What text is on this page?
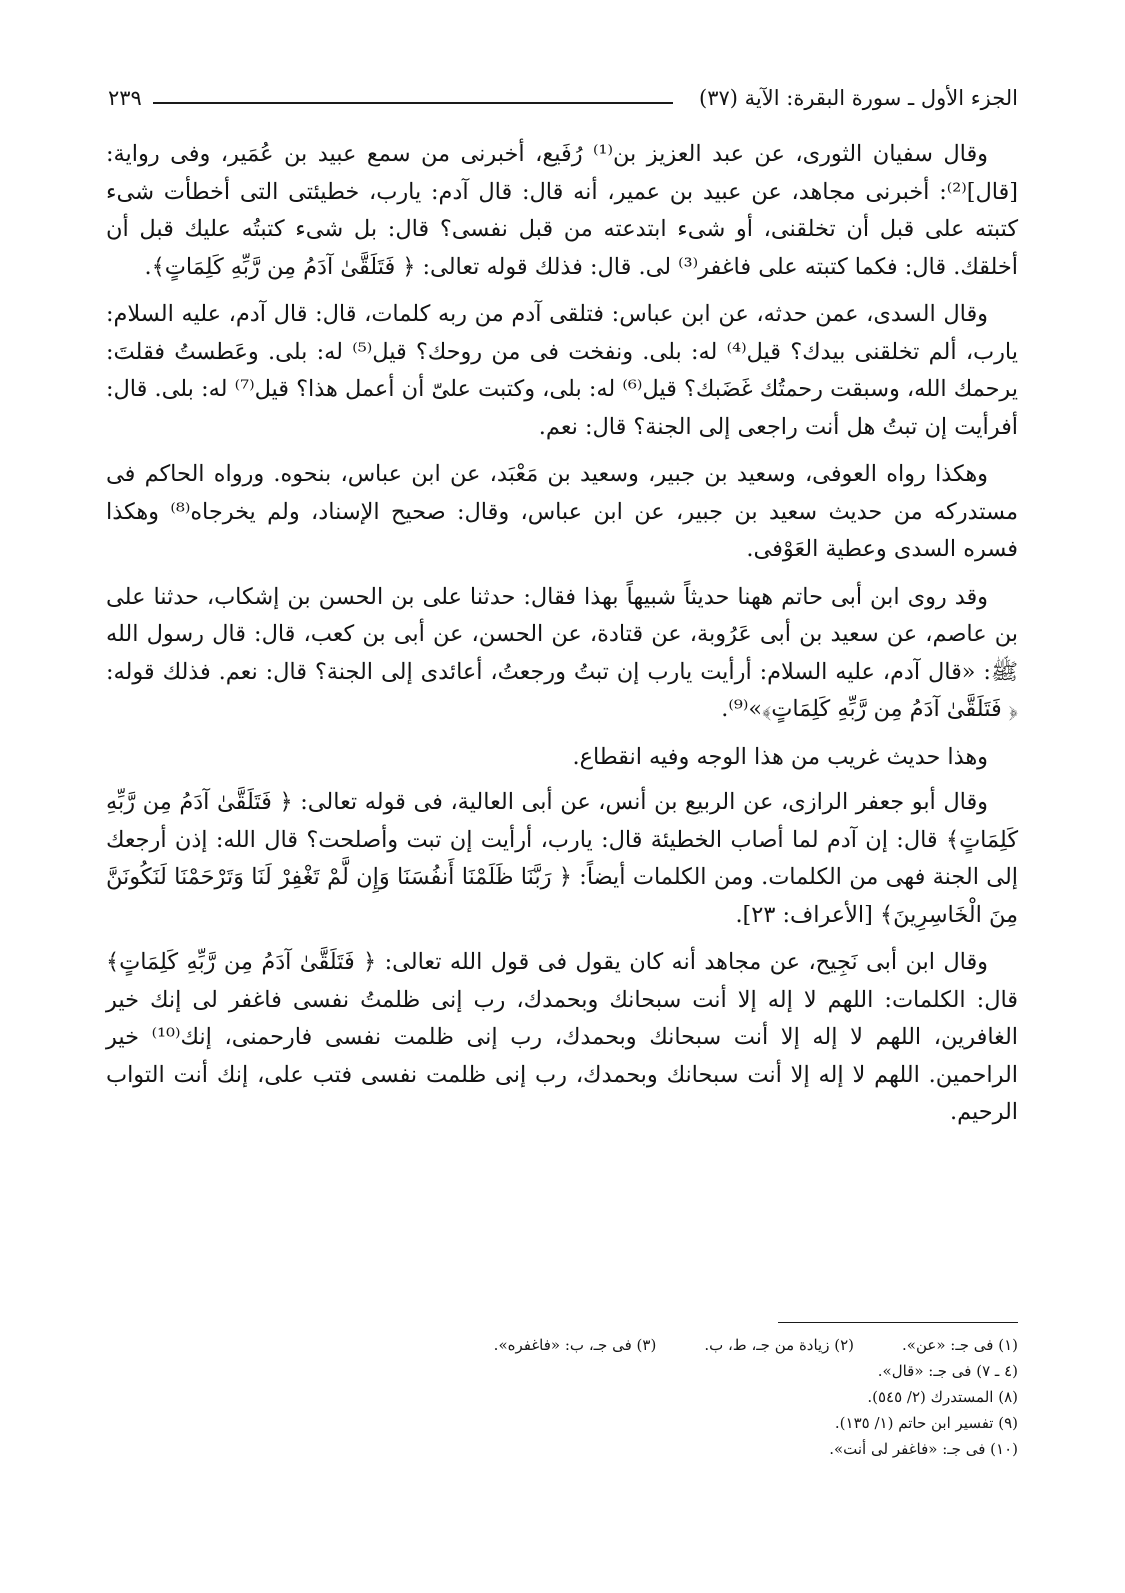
الجزء الأول ـ سورة البقرة: الآية (٣٧)
٢٣٩

وقال سفيان الثورى، عن عبد العزيز بن⁽¹⁾ رُفَيع، أخبرنى من سمع عبيد بن عُمَير، وفى رواية: [قال]⁽²⁾: أخبرنى مجاهد، عن عبيد بن عمير، أنه قال: قال آدم: يارب، خطيئتى التى أخطأت شىء كتبته على قبل أن تخلقنى، أو شىء ابتدعته من قبل نفسى؟ قال: بل شىء كتبتُه عليك قبل أن أخلقك. قال: فكما كتبته على فاغفر⁽³⁾ لى. قال: فذلك قوله تعالى: ﴿ فَتَلَقَّىٰ آدَمُ مِن رَّبِّهِ كَلِمَاتٍ﴾.

وقال السدى، عمن حدثه، عن ابن عباس: فتلقى آدم من ربه كلمات، قال: قال آدم، عليه السلام: يارب، ألم تخلقنى بيدك؟ قيل⁽⁴⁾ له: بلى. ونفخت فى من روحك؟ قيل⁽⁵⁾ له: بلى. وعَطستُ فقلتَ: يرحمك الله، وسبقت رحمتُك غَضَبك؟ قيل⁽⁶⁾ له: بلى، وكتبت علىّ أن أعمل هذا؟ قيل⁽⁷⁾ له: بلى. قال: أفرأيت إن تبتُ هل أنت راجعى إلى الجنة؟ قال: نعم.

وهكذا رواه العوفى، وسعيد بن جبير، وسعيد بن مَعْبَد، عن ابن عباس، بنحوه. ورواه الحاكم فى مستدركه من حديث سعيد بن جبير، عن ابن عباس، وقال: صحيح الإسناد، ولم يخرجاه⁽⁸⁾ وهكذا فسره السدى وعطية العَوْفى.

وقد روى ابن أبى حاتم ههنا حديثاً شبيهاً بهذا فقال: حدثنا على بن الحسن بن إشكاب، حدثنا على بن عاصم، عن سعيد بن أبى عَرُوبة، عن قتادة، عن الحسن، عن أبى بن كعب، قال: قال رسول الله ﷺ: «قال آدم، عليه السلام: أرأيت يارب إن تبتُ ورجعتُ، أعائدى إلى الجنة؟ قال: نعم. فذلك قوله: ﴿ فَتَلَقَّىٰ آدَمُ مِن رَّبِّهِ كَلِمَاتٍ﴾»⁽⁹⁾.

وهذا حديث غريب من هذا الوجه وفيه انقطاع.

وقال أبو جعفر الرازى، عن الربيع بن أنس، عن أبى العالية، فى قوله تعالى: ﴿ فَتَلَقَّىٰ آدَمُ مِن رَّبِّهِ كَلِمَاتٍ﴾ قال: إن آدم لما أصاب الخطيئة قال: يارب، أرأيت إن تبت وأصلحت؟ قال الله: إذن أرجعك إلى الجنة فهى من الكلمات. ومن الكلمات أيضاً: ﴿ رَبَّنَا ظَلَمْنَا أَنفُسَنَا وَإِن لَّمْ تَغْفِرْ لَنَا وَتَرْحَمْنَا لَنَكُونَنَّ مِنَ الْخَاسِرِينَ﴾ [الأعراف: ٢٣].

وقال ابن أبى نَجِيح، عن مجاهد أنه كان يقول فى قول الله تعالى: ﴿ فَتَلَقَّىٰ آدَمُ مِن رَّبِّهِ كَلِمَاتٍ﴾ قال: الكلمات: اللهم لا إله إلا أنت سبحانك وبحمدك، رب إنى ظلمتُ نفسى فاغفر لى إنك خير الغافرين، اللهم لا إله إلا أنت سبحانك وبحمدك، رب إنى ظلمت نفسى فارحمنى، إنك⁽¹⁰⁾ خير الراحمين. اللهم لا إله إلا أنت سبحانك وبحمدك، رب إنى ظلمت نفسى فتب على، إنك أنت التواب الرحيم.

(١) فى جـ: «عن».
(٢) زيادة من جـ، ط، ب.
(٣) فى جـ، ب: «فاغفره».
(٤ ـ ٧) فى جـ: «قال».
(٨) المستدرك (٢/ ٥٤٥).
(٩) تفسير ابن حاتم (١/ ١٣٥).
(١٠) فى جـ: «فاغفر لى أنت».
